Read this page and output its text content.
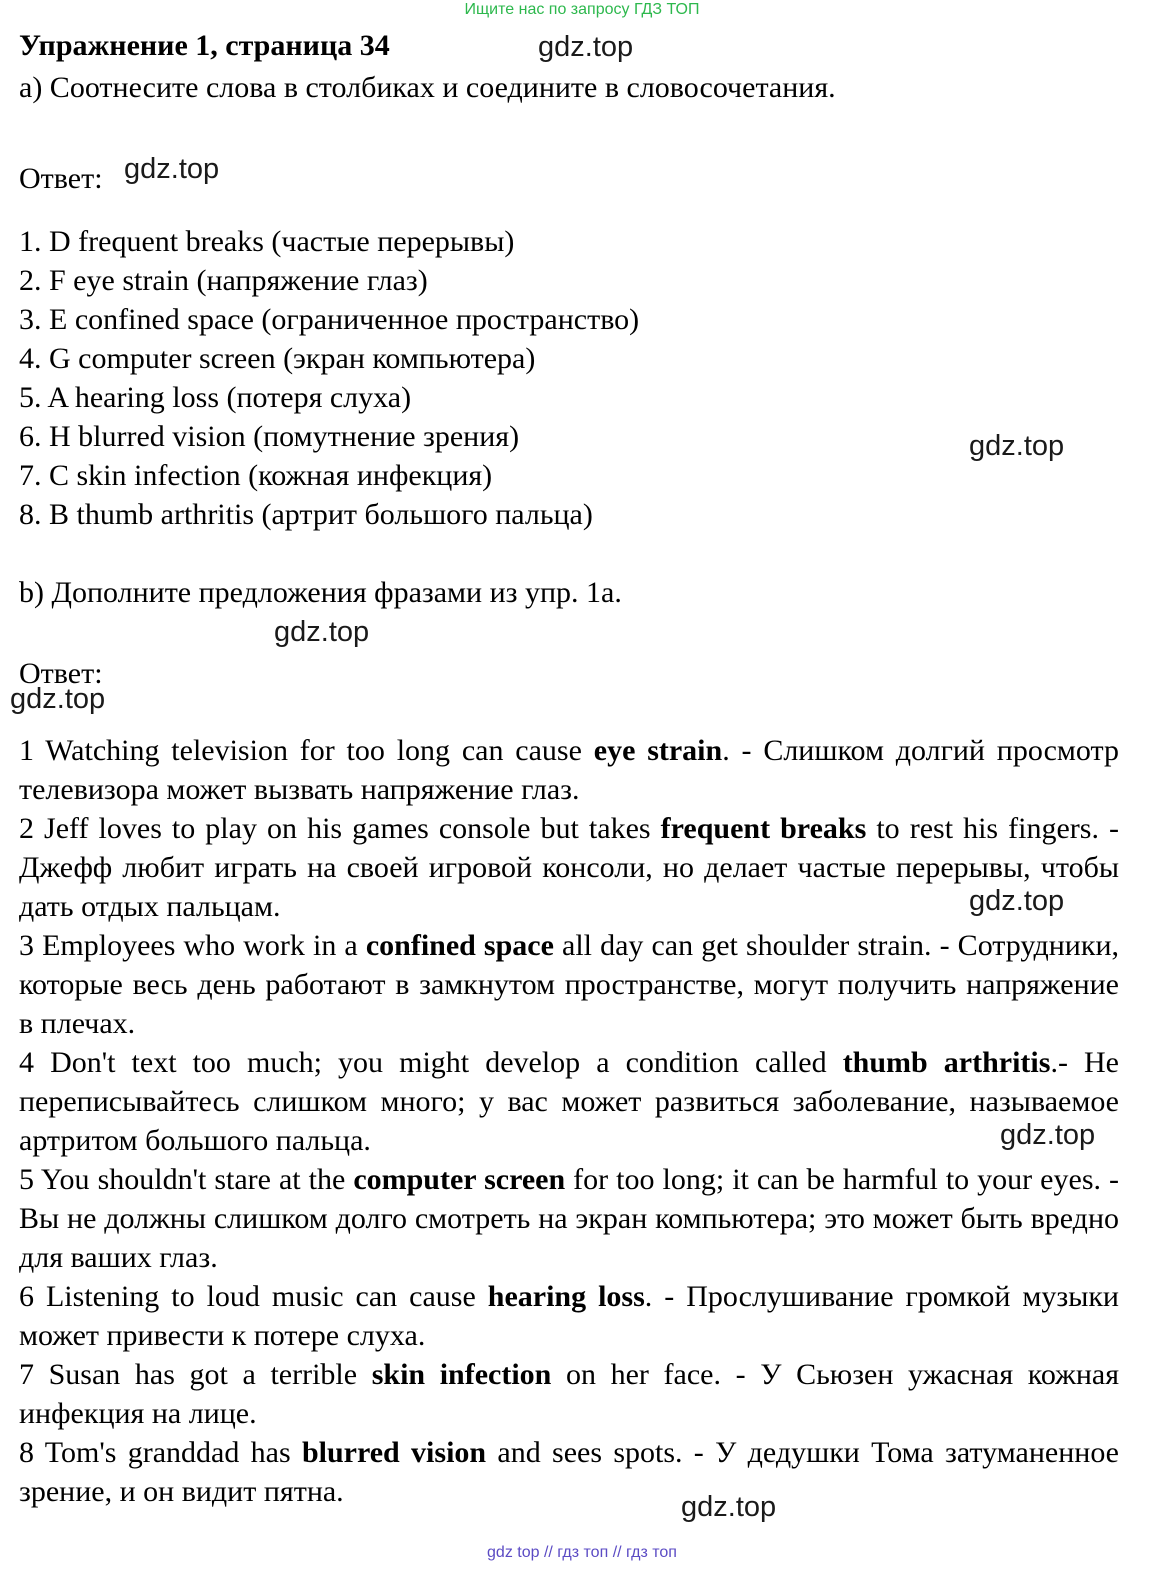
Ищите нас по запросу ГДЗ ТОП

Упражнение 1, страница 34

a) Соотнесите слова в столбиках и соедините в словосочетания.

Ответ:

1. D frequent breaks (частые перерывы)
2. F eye strain (напряжение глаз)
3. E confined space (ограниченное пространство)
4. G computer screen (экран компьютера)
5. A hearing loss (потеря слуха)
6. H blurred vision (помутнение зрения)
7. C skin infection (кожная инфекция)
8. B thumb arthritis (артрит большого пальца)

b) Дополните предложения фразами из упр. 1a.

Ответ:

1 Watching television for too long can cause eye strain. - Слишком долгий просмотр телевизора может вызвать напряжение глаз.

2 Jeff loves to play on his games console but takes frequent breaks to rest his fingers. - Джефф любит играть на своей игровой консоли, но делает частые перерывы, чтобы дать отдых пальцам.

3 Employees who work in a confined space all day can get shoulder strain. - Сотрудники, которые весь день работают в замкнутом пространстве, могут получить напряжение в плечах.

4 Don't text too much; you might develop a condition called thumb arthritis.- Не переписывайтесь слишком много; у вас может развиться заболевание, называемое артритом большого пальца.

5 You shouldn't stare at the computer screen for too long; it can be harmful to your eyes. - Вы не должны слишком долго смотреть на экран компьютера; это может быть вредно для ваших глаз.

6 Listening to loud music can cause hearing loss. - Прослушивание громкой музыки может привести к потере слуха.

7 Susan has got a terrible skin infection on her face. - У Сьюзен ужасная кожная инфекция на лице.

8 Tom's granddad has blurred vision and sees spots. - У дедушки Тома затуманенное зрение, и он видит пятна.

gdz.top
gdz.top
gdz.top
gdz.top
gdz.top
gdz.top
gdz.top
gdz.top
gdz top // гдз топ // гдз топ
